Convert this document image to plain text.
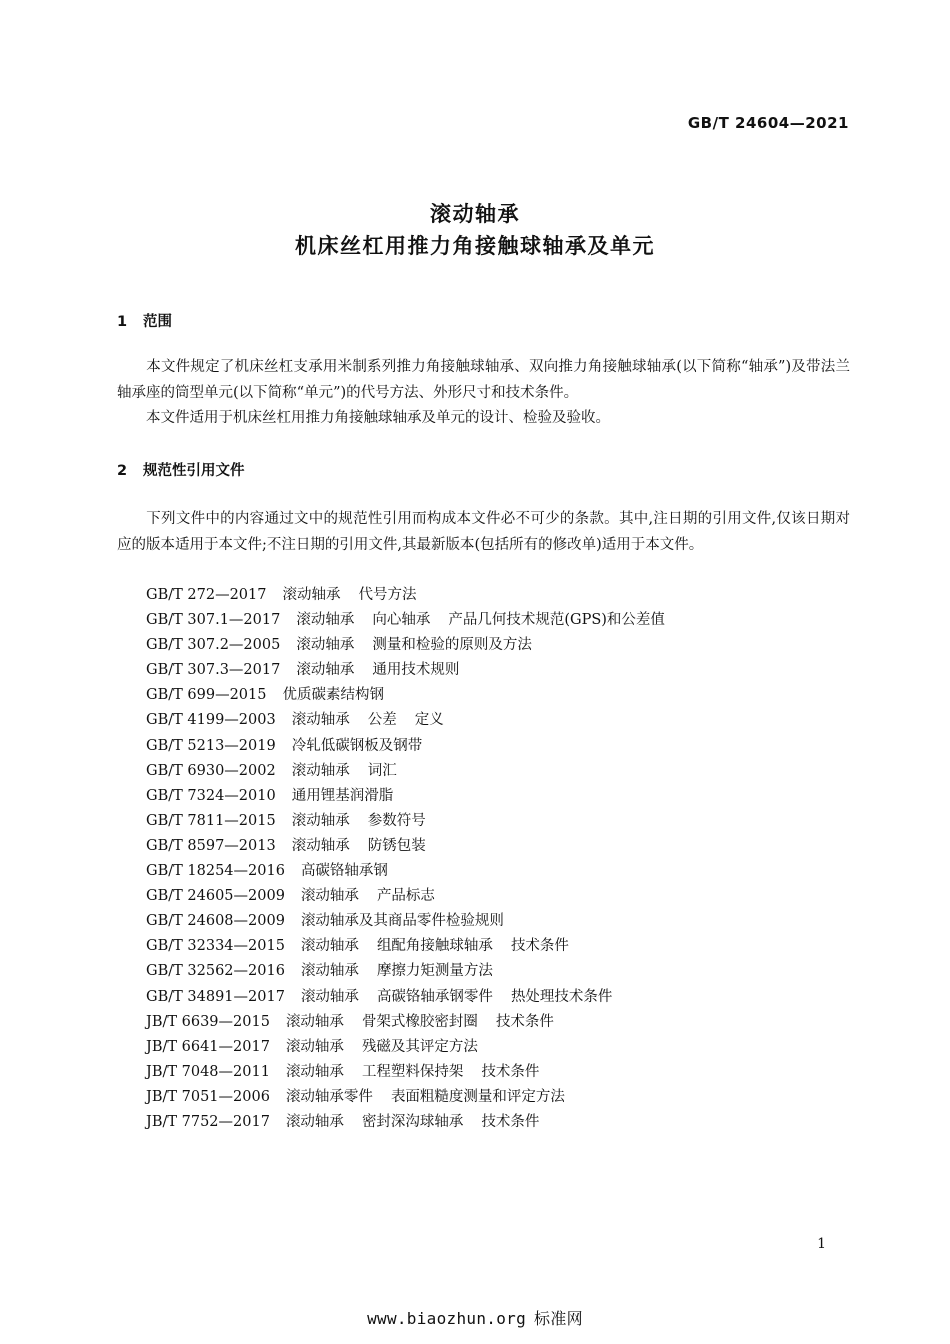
GB/T 24604—2021
滚动轴承
机床丝杠用推力角接触球轴承及单元
1 范围
本文件规定了机床丝杠支承用米制系列推力角接触球轴承、双向推力角接触球轴承(以下简称“轴承”)及带法兰轴承座的筒型单元(以下简称“单元”)的代号方法、外形尺寸和技术条件。
本文件适用于机床丝杠用推力角接触球轴承及单元的设计、检验及验收。
2 规范性引用文件
下列文件中的内容通过文中的规范性引用而构成本文件必不可少的条款。其中,注日期的引用文件,仅该日期对应的版本适用于本文件;不注日期的引用文件,其最新版本(包括所有的修改单)适用于本文件。
GB/T 272—2017 滚动轴承 代号方法
GB/T 307.1—2017 滚动轴承 向心轴承 产品几何技术规范(GPS)和公差值
GB/T 307.2—2005 滚动轴承 测量和检验的原则及方法
GB/T 307.3—2017 滚动轴承 通用技术规则
GB/T 699—2015 优质碳素结构钢
GB/T 4199—2003 滚动轴承 公差 定义
GB/T 5213—2019 冷轧低碳钢板及钢带
GB/T 6930—2002 滚动轴承 词汇
GB/T 7324—2010 通用锂基润滑脂
GB/T 7811—2015 滚动轴承 参数符号
GB/T 8597—2013 滚动轴承 防锈包装
GB/T 18254—2016 高碳铬轴承钢
GB/T 24605—2009 滚动轴承 产品标志
GB/T 24608—2009 滚动轴承及其商品零件检验规则
GB/T 32334—2015 滚动轴承 组配角接触球轴承 技术条件
GB/T 32562—2016 滚动轴承 摩擦力矩测量方法
GB/T 34891—2017 滚动轴承 高碳铬轴承钢零件 热处理技术条件
JB/T 6639—2015 滚动轴承 骨架式橡胶密封圈 技术条件
JB/T 6641—2017 滚动轴承 残磁及其评定方法
JB/T 7048—2011 滚动轴承 工程塑料保持架 技术条件
JB/T 7051—2006 滚动轴承零件 表面粗糙度测量和评定方法
JB/T 7752—2017 滚动轴承 密封深沟球轴承 技术条件
1
www.biaozhun.org 标准网
